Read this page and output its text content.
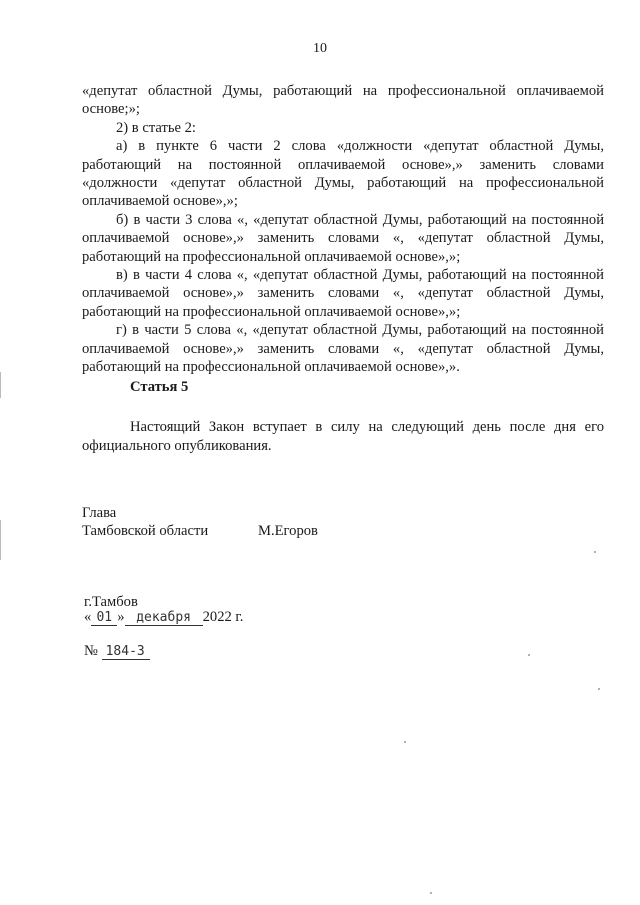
10

«депутат областной Думы, работающий на профессиональной оплачиваемой основе;»;

2) в статье 2:

а) в пункте 6 части 2 слова «должности «депутат областной Думы, работающий на постоянной оплачиваемой основе»,» заменить словами «должности «депутат областной Думы, работающий на профессиональной оплачиваемой основе»,»;

б) в части 3 слова «, «депутат областной Думы, работающий на постоянной оплачиваемой основе»,» заменить словами «, «депутат областной Думы, работающий на профессиональной оплачиваемой основе»,»;

в) в части 4 слова «, «депутат областной Думы, работающий на постоянной оплачиваемой основе»,» заменить словами «, «депутат областной Думы, работающий на профессиональной оплачиваемой основе»,»;

г) в части 5 слова «, «депутат областной Думы, работающий на постоянной оплачиваемой основе»,» заменить словами «, «депутат областной Думы, работающий на профессиональной оплачиваемой основе»,».

Статья 5

Настоящий Закон вступает в силу на следующий день после дня его официального опубликования.

Глава
Тамбовской области	М.Егоров
г.Тамбов
« 01 » декабря 2022 г.
№ 184-З
